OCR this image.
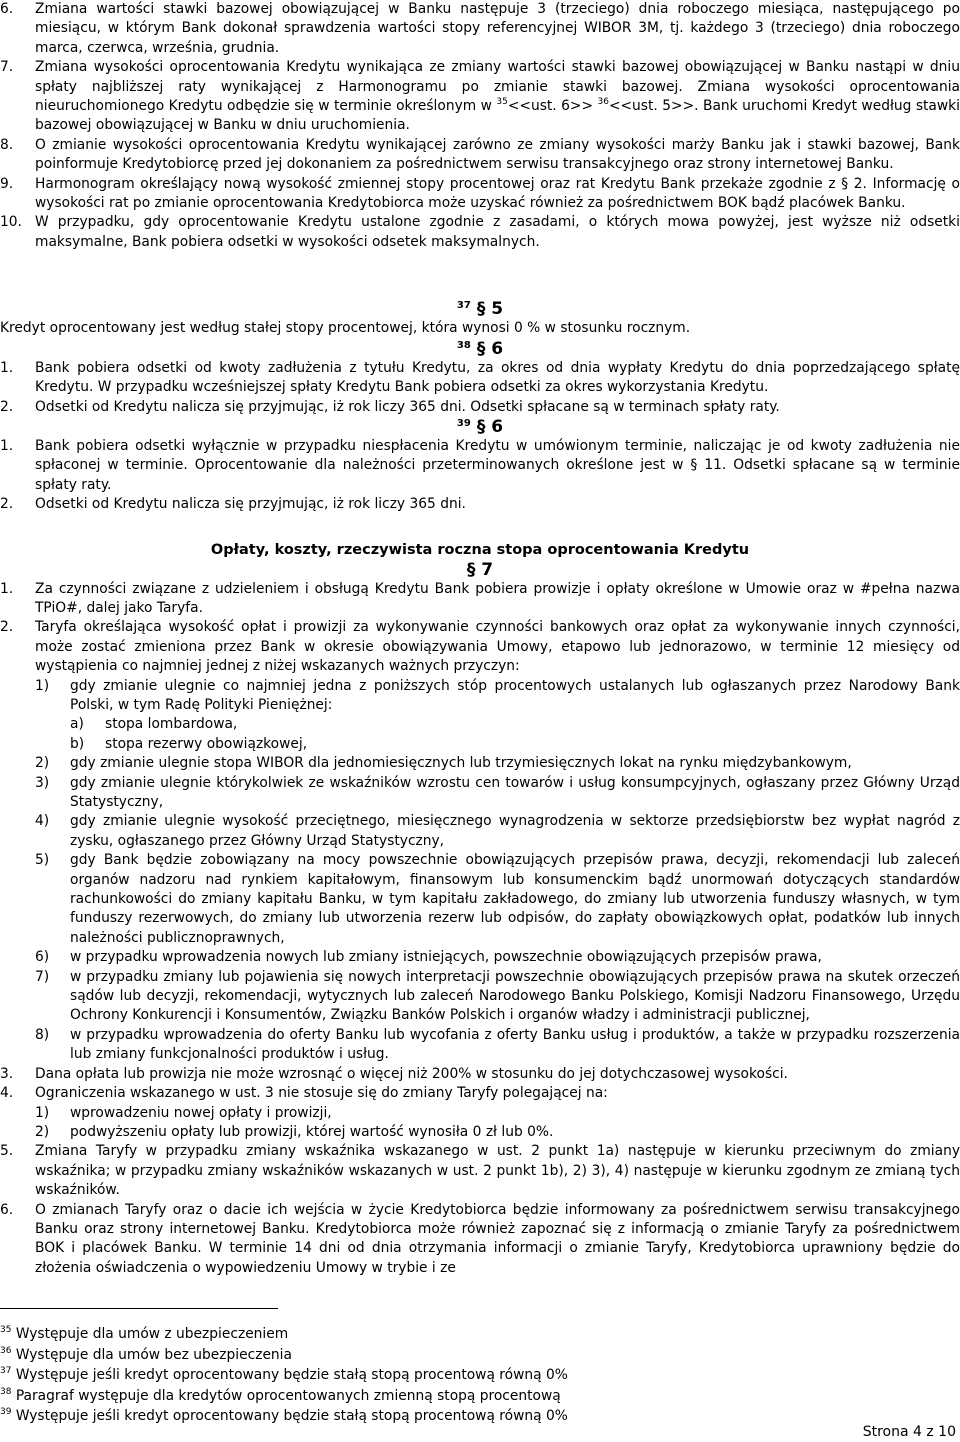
6. Zmiana wartości stawki bazowej obowiązującej w Banku następuje 3 (trzeciego) dnia roboczego miesiąca, następującego po miesiącu, w którym Bank dokonał sprawdzenia wartości stopy referencyjnej WIBOR 3M, tj. każdego 3 (trzeciego) dnia roboczego marca, czerwca, września, grudnia.
7. Zmiana wysokości oprocentowania Kredytu wynikająca ze zmiany wartości stawki bazowej obowiązującej w Banku nastąpi w dniu spłaty najbliższej raty wynikającej z Harmonogramu po zmianie stawki bazowej. Zmiana wysokości oprocentowania nieuruchomionego Kredytu odbędzie się w terminie określonym w $^{35}$<<ust. 6>> $^{36}$<<ust. 5>>. Bank uruchomi Kredyt według stawki bazowej obowiązującej w Banku w dniu uruchomienia.
8. O zmianie wysokości oprocentowania Kredytu wynikającej zarówno ze zmiany wysokości marży Banku jak i stawki bazowej, Bank poinformuje Kredytobiorcę przed jej dokonaniem za pośrednictwem serwisu transakcyjnego oraz strony internetowej Banku.
9. Harmonogram określający nową wysokość zmiennej stopy procentowej oraz rat Kredytu Bank przekaże zgodnie z § 2. Informację o wysokości rat po zmianie oprocentowania Kredytobiorca może uzyskać również za pośrednictwem BOK bądź placówek Banku.
10. W przypadku, gdy oprocentowanie Kredytu ustalone zgodnie z zasadami, o których mowa powyżej, jest wyższe niż odsetki maksymalne, Bank pobiera odsetki w wysokości odsetek maksymalnych.
$^{37}$ § 5
Kredyt oprocentowany jest według stałej stopy procentowej, która wynosi 0 % w stosunku rocznym.
$^{38}$ § 6
1. Bank pobiera odsetki od kwoty zadłużenia z tytułu Kredytu, za okres od dnia wypłaty Kredytu do dnia poprzedzającego spłatę Kredytu. W przypadku wcześniejszej spłaty Kredytu Bank pobiera odsetki za okres wykorzystania Kredytu.
2. Odsetki od Kredytu nalicza się przyjmując, iż rok liczy 365 dni. Odsetki spłacane są w terminach spłaty raty.
$^{39}$ § 6
1. Bank pobiera odsetki wyłącznie w przypadku niespłacenia Kredytu w umówionym terminie, naliczając je od kwoty zadłużenia nie spłaconej w terminie. Oprocentowanie dla należności przeterminowanych określone jest w § 11. Odsetki spłacane są w terminie spłaty raty.
2. Odsetki od Kredytu nalicza się przyjmując, iż rok liczy 365 dni.
Opłaty, koszty, rzeczywista roczna stopa oprocentowania Kredytu
§ 7
1. Za czynności związane z udzieleniem i obsługą Kredytu Bank pobiera prowizje i opłaty określone w Umowie oraz w #pełna nazwa TPiO#, dalej jako Taryfa.
2. Taryfa określająca wysokość opłat i prowizji za wykonywanie czynności bankowych oraz opłat za wykonywanie innych czynności, może zostać zmieniona przez Bank w okresie obowiązywania Umowy, etapowo lub jednorazowo, w terminie 12 miesięcy od wystąpienia co najmniej jednej z niżej wskazanych ważnych przyczyn:
1) gdy zmianie ulegnie co najmniej jedna z poniższych stóp procentowych ustalanych lub ogłaszanych przez Narodowy Bank Polski, w tym Radę Polityki Pieniężnej:
a) stopa lombardowa,
b) stopa rezerwy obowiązkowej,
2) gdy zmianie ulegnie stopa WIBOR dla jednomiesięcznych lub trzymiesięcznych lokat na rynku międzybankowym,
3) gdy zmianie ulegnie którykolwiek ze wskaźników wzrostu cen towarów i usług konsumpcyjnych, ogłaszany przez Główny Urząd Statystyczny,
4) gdy zmianie ulegnie wysokość przeciętnego, miesięcznego wynagrodzenia w sektorze przedsiębiorstw bez wypłat nagród z zysku, ogłaszanego przez Główny Urząd Statystyczny,
5) gdy Bank będzie zobowiązany na mocy powszechnie obowiązujących przepisów prawa, decyzji, rekomendacji lub zaleceń organów nadzoru nad rynkiem kapitałowym, finansowym lub konsumenckim bądź unormowań dotyczących standardów rachunkowości do zmiany kapitału Banku, w tym kapitału zakładowego, do zmiany lub utworzenia funduszy własnych, w tym funduszy rezerwowych, do zmiany lub utworzenia rezerw lub odpisów, do zapłaty obowiązkowych opłat, podatków lub innych należności publicznoprawnych,
6) w przypadku wprowadzenia nowych lub zmiany istniejących, powszechnie obowiązujących przepisów prawa,
7) w przypadku zmiany lub pojawienia się nowych interpretacji powszechnie obowiązujących przepisów prawa na skutek orzeczeń sądów lub decyzji, rekomendacji, wytycznych lub zaleceń Narodowego Banku Polskiego, Komisji Nadzoru Finansowego, Urzędu Ochrony Konkurencji i Konsumentów, Związku Banków Polskich i organów władzy i administracji publicznej,
8) w przypadku wprowadzenia do oferty Banku lub wycofania z oferty Banku usług i produktów, a także w przypadku rozszerzenia lub zmiany funkcjonalności produktów i usług.
3. Dana opłata lub prowizja nie może wzrosnąć o więcej niż 200% w stosunku do jej dotychczasowej wysokości.
4. Ograniczenia wskazanego w ust. 3 nie stosuje się do zmiany Taryfy polegającej na:
1) wprowadzeniu nowej opłaty i prowizji,
2) podwyższeniu opłaty lub prowizji, której wartość wynosiła 0 zł lub 0%.
5. Zmiana Taryfy w przypadku zmiany wskaźnika wskazanego w ust. 2 punkt 1a) następuje w kierunku przeciwnym do zmiany wskaźnika; w przypadku zmiany wskaźników wskazanych w ust. 2 punkt 1b), 2) 3), 4) następuje w kierunku zgodnym ze zmianą tych wskaźników.
6. O zmianach Taryfy oraz o dacie ich wejścia w życie Kredytobiorca będzie informowany za pośrednictwem serwisu transakcyjnego Banku oraz strony internetowej Banku. Kredytobiorca może również zapoznać się z informacją o zmianie Taryfy za pośrednictwem BOK i placówek Banku. W terminie 14 dni od dnia otrzymania informacji o zmianie Taryfy, Kredytobiorca uprawniony będzie do złożenia oświadczenia o wypowiedzeniu Umowy w trybie i ze
$^{35}$ Występuje dla umów z ubezpieczeniem
$^{36}$ Występuje dla umów bez ubezpieczenia
$^{37}$ Występuje jeśli kredyt oprocentowany będzie stałą stopą procentową równą 0%
$^{38}$ Paragraf występuje dla kredytów oprocentowanych zmienną stopą procentową
$^{39}$ Występuje jeśli kredyt oprocentowany będzie stałą stopą procentową równą 0%
Strona 4 z 10
